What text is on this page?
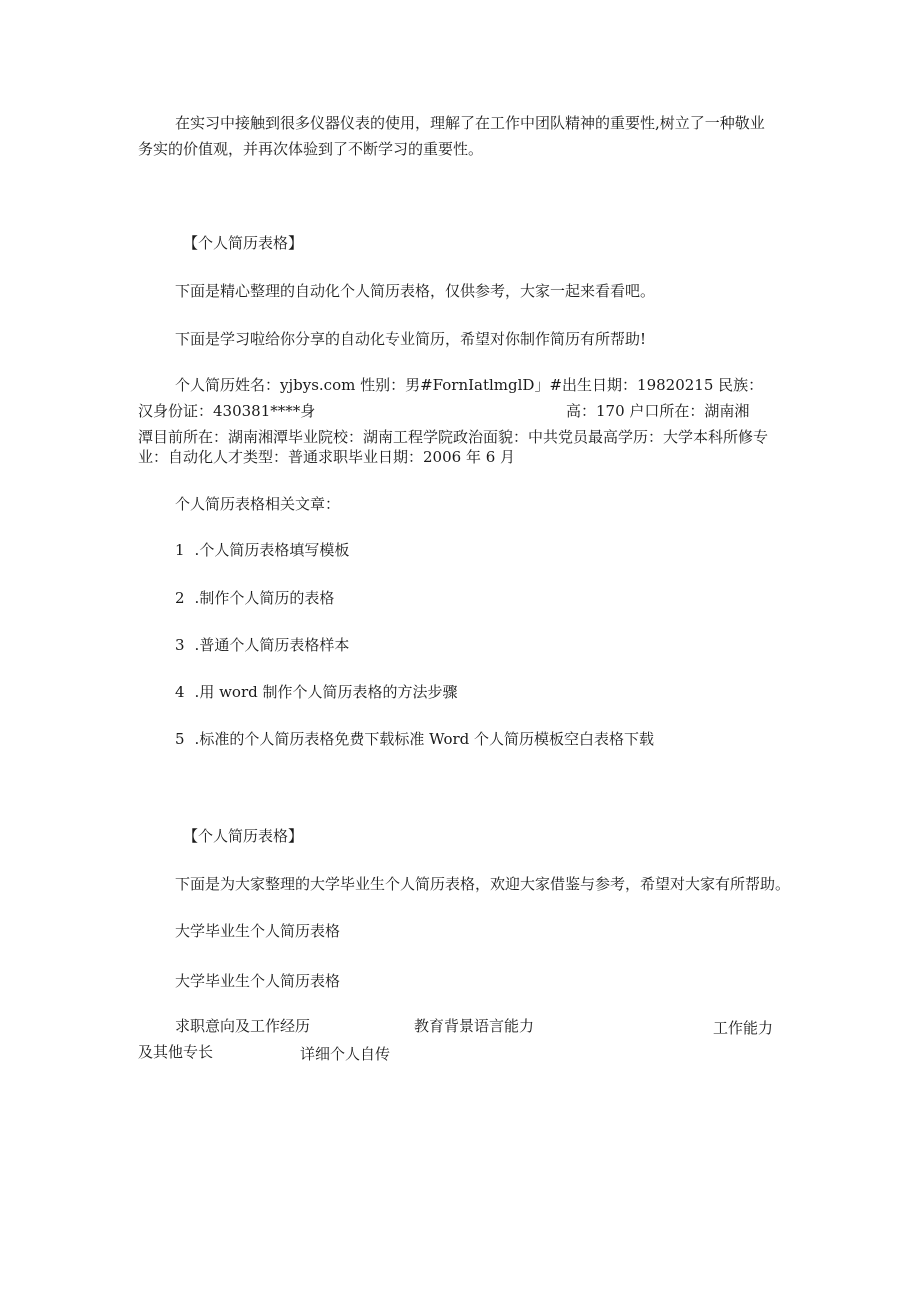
在实习中接触到很多仪器仪表的使用，理解了在工作中团队精神的重要性,树立了一种敬业

务实的价值观，并再次体验到了不断学习的重要性。

【个人简历表格】

下面是精心整理的自动化个人简历表格，仅供参考，大家一起来看看吧。

下面是学习啦给你分享的自动化专业简历，希望对你制作简历有所帮助!

个人简历姓名：yjbys.com 性别：男#FornIatlmglD」#出生日期：19820215 民族：

汉身份证：430381****身	高：170 户口所在：湖南湘

潭目前所在：湖南湘潭毕业院校：湖南工程学院政治面貌：中共党员最高学历：大学本科所修专

业：自动化人才类型：普通求职毕业日期：2006 年 6 月

个人简历表格相关文章：

1 .个人简历表格填写模板
2 .制作个人简历的表格
3 .普通个人简历表格样本
4 .用 word 制作个人简历表格的方法步骤
5 .标准的个人简历表格免费下载标准 Word 个人简历模板空白表格下载

【个人简历表格】

下面是为大家整理的大学毕业生个人简历表格，欢迎大家借鉴与参考，希望对大家有所帮助。

大学毕业生个人简历表格

大学毕业生个人简历表格

求职意向及工作经历	教育背景语言能力	工作能力

及其他专长	详细个人自传
